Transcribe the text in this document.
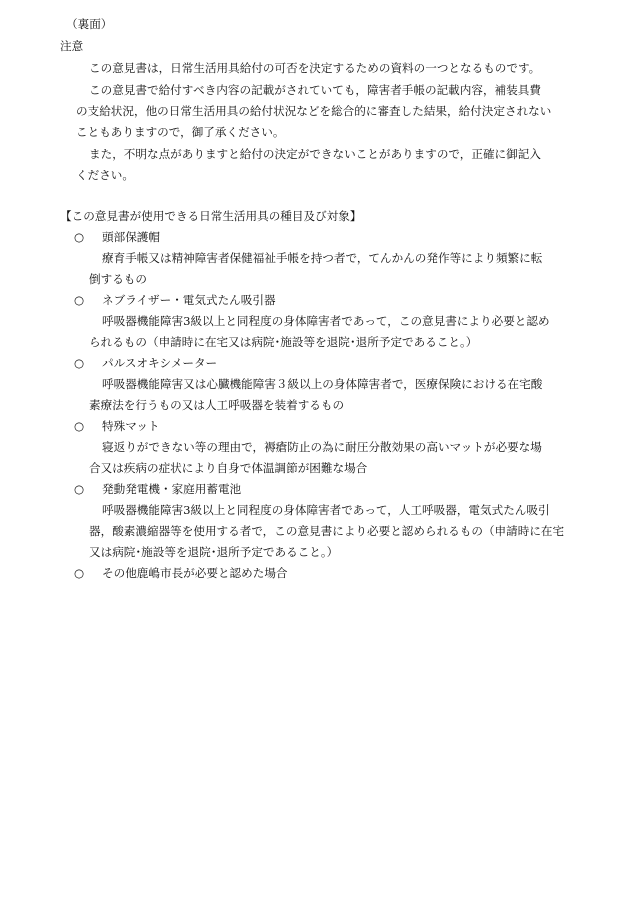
（裏面）
注意
この意見書は，日常生活用具給付の可否を決定するための資料の一つとなるものです。
この意見書で給付すべき内容の記載がされていても，障害者手帳の記載内容，補装具費
の支給状況，他の日常生活用具の給付状況などを総合的に審査した結果，給付決定されない
こともありますので，御了承ください。
また，不明な点がありますと給付の決定ができないことがありますので，正確に御記入
ください。
【この意見書が使用できる日常生活用具の種目及び対象】
○ 頭部保護帽
療育手帳又は精神障害者保健福祉手帳を持つ者で，てんかんの発作等により頻繁に転
倒するもの
○ ネブライザー・電気式たん吸引器
呼吸器機能障害3級以上と同程度の身体障害者であって，この意見書により必要と認め
られるもの（申請時に在宅又は病院･施設等を退院･退所予定であること。）
○ パルスオキシメーター
呼吸器機能障害又は心臓機能障害３級以上の身体障害者で，医療保険における在宅酸
素療法を行うもの又は人工呼吸器を装着するもの
○ 特殊マット
寝返りができない等の理由で，褥瘡防止の為に耐圧分散効果の高いマットが必要な場
合又は疾病の症状により自身で体温調節が困難な場合
○ 発動発電機・家庭用蓄電池
呼吸器機能障害3級以上と同程度の身体障害者であって，人工呼吸器，電気式たん吸引
器，酸素濃縮器等を使用する者で，この意見書により必要と認められるもの（申請時に在宅
又は病院･施設等を退院･退所予定であること。）
○ その他鹿嶋市長が必要と認めた場合
